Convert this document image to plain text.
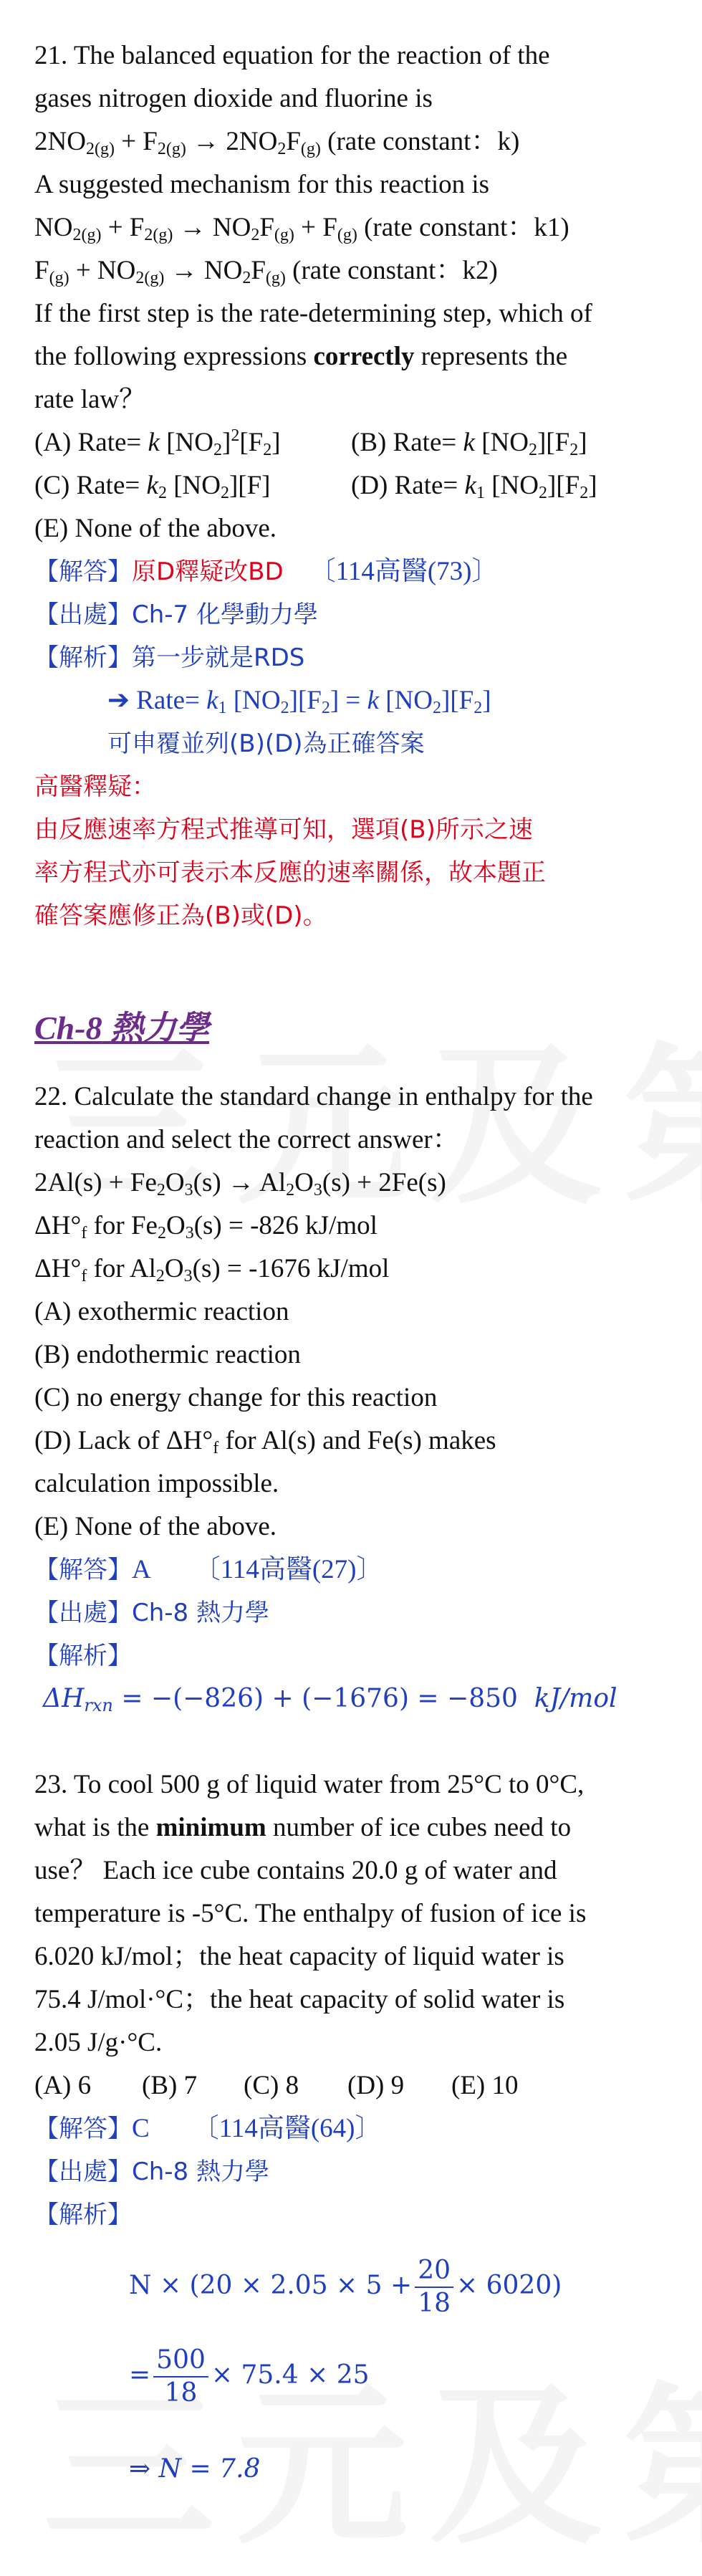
21. The balanced equation for the reaction of the
gases nitrogen dioxide and fluorine is
$2NO_{2(g)} + F_{2(g)} \to 2NO_2F_{(g)}$ (rate constant：k)
A suggested mechanism for this reaction is
$NO_{2(g)} + F_{2(g)} \to NO_2F_{(g)} + F_{(g)}$ (rate constant：k1)
$F_{(g)} + NO_{2(g)} \to NO_2F_{(g)}$ (rate constant：k2)
If the first step is the rate-determining step, which of
the following expressions correctly represents the
rate law？
(A) Rate= k $[NO_2]^2[F_2]$	(B) Rate= k $[NO_2][F_2]$
(C) Rate= $k_2$ $[NO_2][F]$	(D) Rate= $k_1$ $[NO_2][F_2]$
(E) None of the above.
【解答】原D釋疑改BD 〔114高醫(73)〕
【出處】Ch-7 化學動力學
【解析】第一步就是RDS
➔ Rate= $k_1$ $[NO_2][F_2] = k$ $[NO_2][F_2]$
可申覆並列(B)(D)為正確答案
高醫釋疑：
由反應速率方程式推導可知，選項(B)所示之速
率方程式亦可表示本反應的速率關係，故本題正
確答案應修正為(B)或(D)。
Ch-8 熱力學
22. Calculate the standard change in enthalpy for the
reaction and select the correct answer：
$2Al(s) + Fe_2O_3(s) \to Al_2O_3(s) + 2Fe(s)$
$\Delta H^\circ_f$ for $Fe_2O_3(s) = -826$ kJ/mol
$\Delta H^\circ_f$ for $Al_2O_3(s) = -1676$ kJ/mol
(A) exothermic reaction
(B) endothermic reaction
(C) no energy change for this reaction
(D) Lack of $\Delta H^\circ_f$ for Al(s) and Fe(s) makes
calculation impossible.
(E) None of the above.
【解答】A 〔114高醫(27)〕
【出處】Ch-8 熱力學
【解析】
$\Delta H_{rxn} = -(-826) + (-1676) = -850$  kJ/mol
23. To cool 500 g of liquid water from 25°C to 0°C,
what is the minimum number of ice cubes need to
use？ Each ice cube contains 20.0 g of water and
temperature is -5°C. The enthalpy of fusion of ice is
6.020 kJ/mol；the heat capacity of liquid water is
75.4 J/mol·°C；the heat capacity of solid water is
2.05 J/g·°C.
(A) 6 (B) 7 (C) 8 (D) 9 (E) 10
【解答】C 〔114高醫(64)〕
【出處】Ch-8 熱力學
【解析】
$N \times (20 \times 2.05 \times 5 + \frac{20}{18} \times 6020)$
= $\frac{500}{18} \times 75.4 \times 25$
⇒ N = 7.8
